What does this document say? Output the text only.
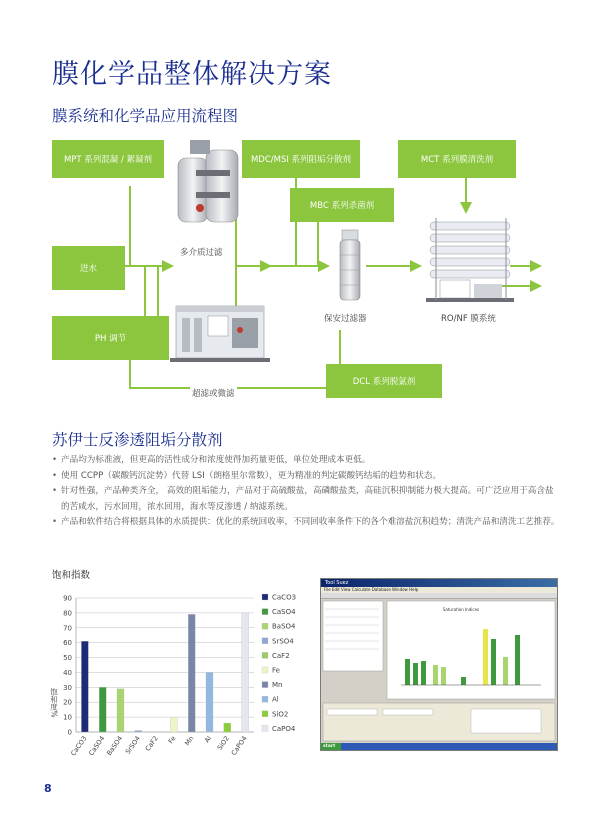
膜化学品整体解决方案
膜系统和化学品应用流程图
MPT 系列混凝 / 絮凝剂	MDC/MSI 系列阻垢分散剂	MCT 系列膜清洗剂
MBC 系列杀菌剂
进水
PH 调节
DCL 系列脱氯剂
多介质过滤
保安过滤器	RO/NF 膜系统
超滤或微滤
苏伊士反渗透阻垢分散剂
• 产品均为标准液，但更高的活性成分和浓度使得加药量更低，单位处理成本更低。
• 使用 CCPP（碳酸钙沉淀势）代替 LSI（朗格里尔常数），更为精准的判定碳酸钙结垢的趋势和状态。
• 针对性强，产品种类齐全， 高效的阻垢能力，产品对于高硫酸盐，高磷酸盐类，高硅沉积抑制能力极大提高。可广泛应用于高含盐的苦咸水，污水回用，浓水回用，海水等反渗透 / 纳滤系统。
• 产品和软件结合将根据具体的水质提供：优化的系统回收率，不同回收率条件下的各个难溶盐沉积趋势；清洗产品和清洗工艺推荐。
饱和指数
0
10
20
30
40
50
60
70
80
90
饱和度%
CaCO3
CaSO4
BaSO4 SrSO4 CaF2 Fe Mn Al SiO2
CaPO4
CaCO3
CaSO4
BaSO4
SrSO4
CaF2
Fe
Mn
Al
SiO2
CaPO4
Tool Suez
File Edit View Calculate Database Window Help
Saturation Indices
start
8
